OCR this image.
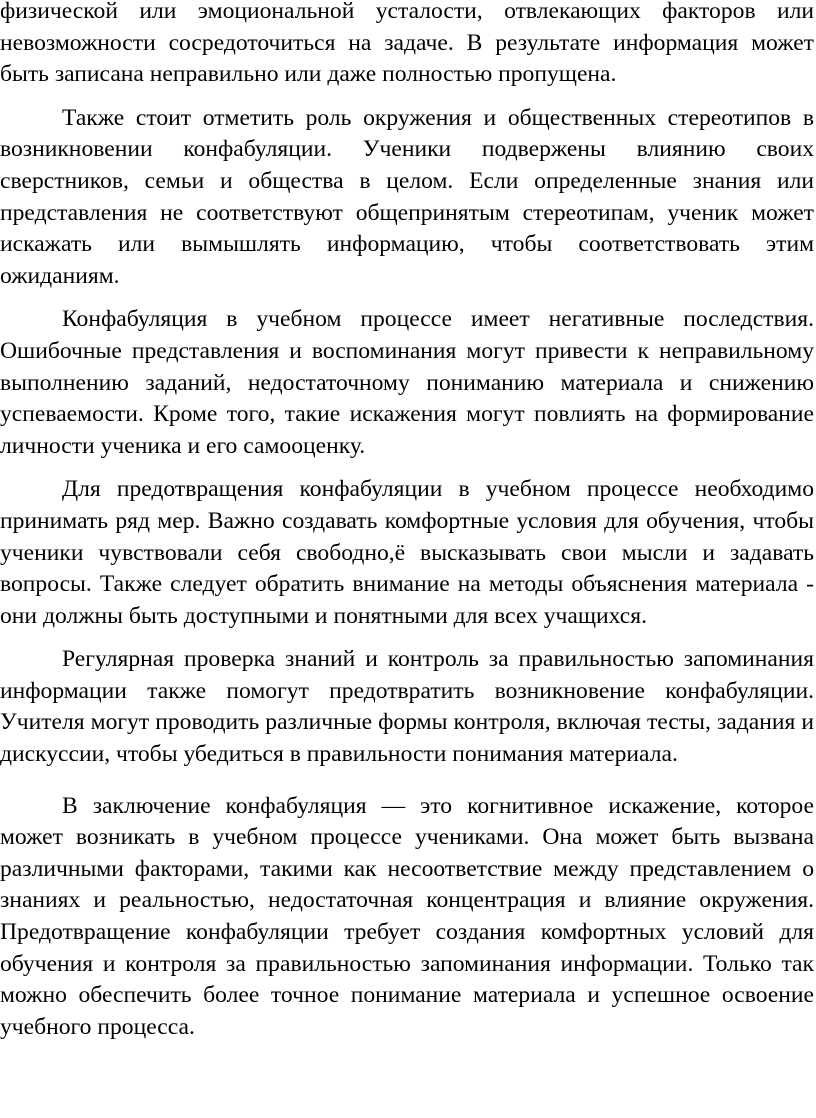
физической или эмоциональной усталости, отвлекающих факторов или невозможности сосредоточиться на задаче. В результате информация может быть записана неправильно или даже полностью пропущена.

Также стоит отметить роль окружения и общественных стереотипов в возникновении конфабуляции. Ученики подвержены влиянию своих сверстников, семьи и общества в целом. Если определенные знания или представления не соответствуют общепринятым стереотипам, ученик может искажать или вымышлять информацию, чтобы соответствовать этим ожиданиям.

Конфабуляция в учебном процессе имеет негативные последствия. Ошибочные представления и воспоминания могут привести к неправильному выполнению заданий, недостаточному пониманию материала и снижению успеваемости. Кроме того, такие искажения могут повлиять на формирование личности ученика и его самооценку.

Для предотвращения конфабуляции в учебном процессе необходимо принимать ряд мер. Важно создавать комфортные условия для обучения, чтобы ученики чувствовали себя свободно,ё высказывать свои мысли и задавать вопросы. Также следует обратить внимание на методы объяснения материала - они должны быть доступными и понятными для всех учащихся.

Регулярная проверка знаний и контроль за правильностью запоминания информации также помогут предотвратить возникновение конфабуляции. Учителя могут проводить различные формы контроля, включая тесты, задания и дискуссии, чтобы убедиться в правильности понимания материала.

В заключение конфабуляция — это когнитивное искажение, которое может возникать в учебном процессе учениками. Она может быть вызвана различными факторами, такими как несоответствие между представлением о знаниях и реальностью, недостаточная концентрация и влияние окружения. Предотвращение конфабуляции требует создания комфортных условий для обучения и контроля за правильностью запоминания информации. Только так можно обеспечить более точное понимание материала и успешное освоение учебного процесса.
